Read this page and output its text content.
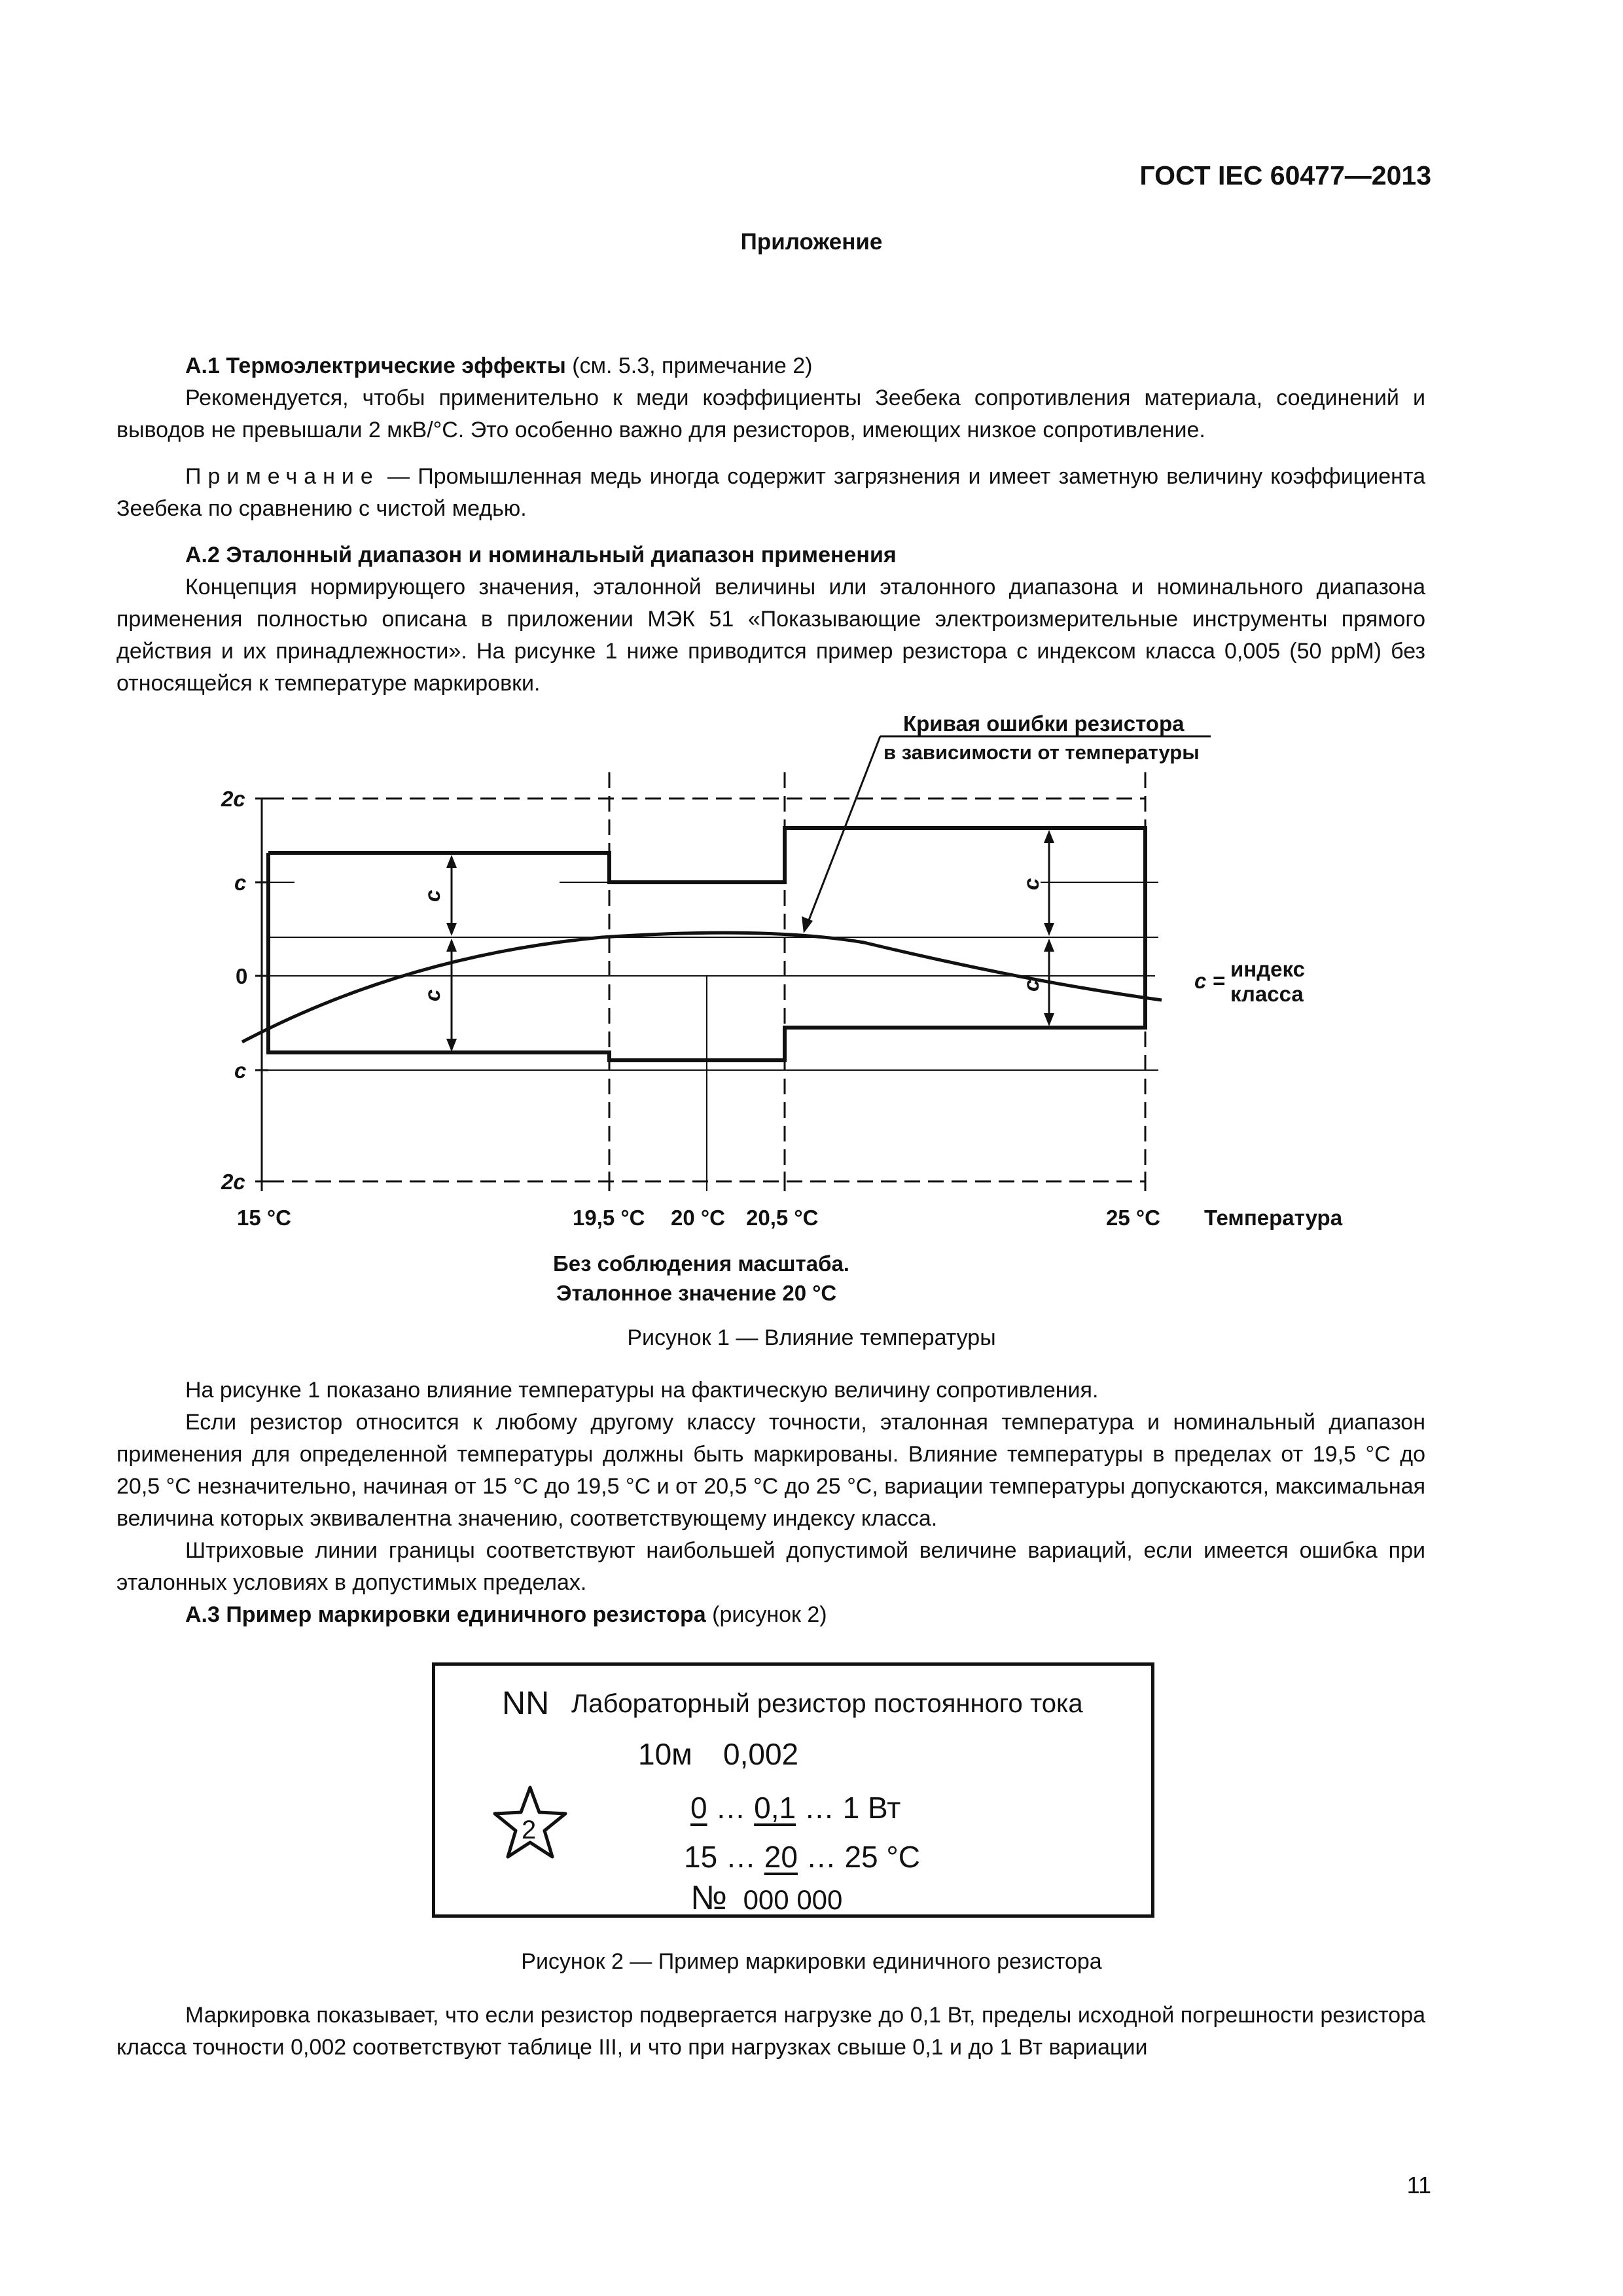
ГОСТ IEC 60477—2013
Приложение

А.1 Термоэлектрические эффекты (см. 5.3, примечание 2)

Рекомендуется, чтобы применительно к меди коэффициенты Зеебека сопротивления материала, соединений и выводов не превышали 2 мкВ/°С. Это особенно важно для резисторов, имеющих низкое сопротивление.

Примечание — Промышленная медь иногда содержит загрязнения и имеет заметную величину коэффициента Зеебека по сравнению с чистой медью.

А.2 Эталонный диапазон и номинальный диапазон применения

Концепция нормирующего значения, эталонной величины или эталонного диапазона и номинального диапазона применения полностью описана в приложении МЭК 51 «Показывающие электроизмерительные инструменты прямого действия и их принадлежности». На рисунке 1 ниже приводится пример резистора с индексом класса 0,005 (50 ppM) без относящейся к температуре маркировки.

Кривая ошибки резистора
в зависимости от температуры
2c
c
0
c
2c
c
c
c
c	c = индекс
класса
15 °C	19,5 °C 20 °C 20,5 °C	25 °C Температура
Без соблюдения масштаба.
Эталонное значение 20 °C
Рисунок 1 — Влияние температуры

На рисунке 1 показано влияние температуры на фактическую величину сопротивления.

Если резистор относится к любому другому классу точности, эталонная температура и номинальный диапазон применения для определенной температуры должны быть маркированы. Влияние температуры в пределах от 19,5 °С до 20,5 °С незначительно, начиная от 15 °С до 19,5 °С и от 20,5 °С до 25 °С, вариации температуры допускаются, максимальная величина которых эквивалентна значению, соответствующему индексу класса.

Штриховые линии границы соответствуют наибольшей допустимой величине вариаций, если имеется ошибка при эталонных условиях в допустимых пределах.

А.3 Пример маркировки единичного резистора (рисунок 2)

NN Лабораторный резистор постоянного тока
10м 0,002
2
0 … 0,1 … 1 Вт
15 … 20 … 25 °C
№ 000 000
Рисунок 2 — Пример маркировки единичного резистора

Маркировка показывает, что если резистор подвергается нагрузке до 0,1 Вт, пределы исходной погрешности резистора класса точности 0,002 соответствуют таблице III, и что при нагрузках свыше 0,1 и до 1 Вт вариации

11
